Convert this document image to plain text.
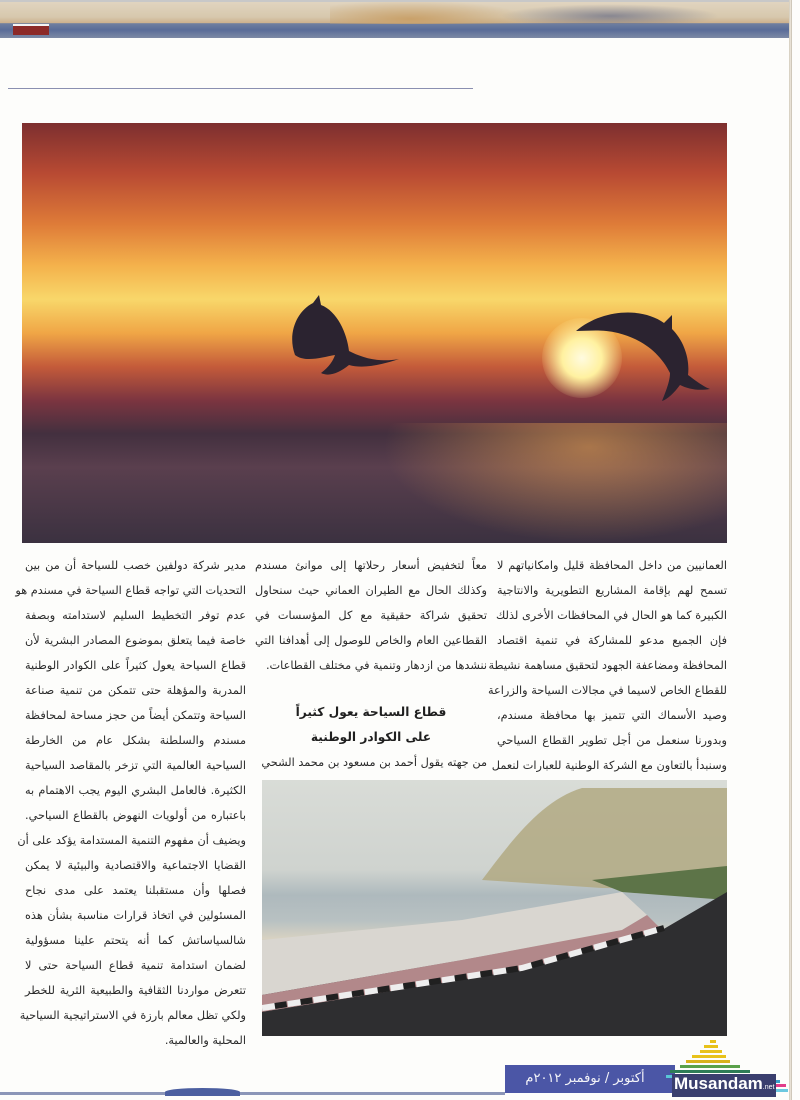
العمانيين من داخل المحافظة قليل وامكانياتهم لا

تسمح لهم بإقامة المشاريع التطويرية والانتاجية

الكبيرة كما هو الحال في المحافظات الأخرى لذلك

فإن الجميع مدعو للمشاركة في تنمية اقتصاد

المحافظة ومضاعفة الجهود لتحقيق مساهمة نشيطة

للقطاع الخاص لاسيما في مجالات السياحة والزراعة

وصيد الأسماك التي تتميز بها محافظة مسندم،

وبدورنا سنعمل من أجل تطوير القطاع السياحي

وسنبدأ بالتعاون مع الشركة الوطنية للعبارات لنعمل

معاً لتخفيض أسعار رحلاتها إلى موانئ مسندم

وكذلك الحال مع الطيران العماني حيث سنحاول

تحقيق شراكة حقيقية مع كل المؤسسات في

القطاعين العام والخاص للوصول إلى أهدافنا التي

ننشدها من ازدهار وتنمية في مختلف القطاعات.

قطاع السياحة يعول كثيراً
على الكوادر الوطنية
من جهته يقول أحمد بن مسعود بن محمد الشحي

مدير شركة دولفين خصب للسياحة أن من بين

التحديات التي تواجه قطاع السياحة في مسندم هو

عدم توفر التخطيط السليم لاستدامته وبصفة

خاصة فيما يتعلق بموضوع المصادر البشرية لأن

قطاع السياحة يعول كثيراً على الكوادر الوطنية

المدربة والمؤهلة حتى تتمكن من تنمية صناعة

السياحة وتتمكن أيضاً من حجز مساحة لمحافظة

مسندم والسلطنة بشكل عام من الخارطة

السياحية العالمية التي تزخر بالمقاصد السياحية

الكثيرة. فالعامل البشري اليوم يجب الاهتمام به

باعتباره من أولويات النهوض بالقطاع السياحي.

ويضيف أن مفهوم التنمية المستدامة يؤكد على أن

القضايا الاجتماعية والاقتصادية والبيئية لا يمكن

فصلها وأن مستقبلنا يعتمد على مدى نجاح

المسئولين في اتخاذ قرارات مناسبة بشأن هذه

شالسياساتش كما أنه يتحتم علينا مسؤولية

لضمان استدامة تنمية قطاع السياحة حتى لا

تتعرض مواردنا الثقافية والطبيعية الثرية للخطر

ولكي تظل معالم بارزة في الاستراتيجية السياحية

المحلية والعالمية.

أكتوبر / نوفمبر ٢٠١٢م	Musandam.net
